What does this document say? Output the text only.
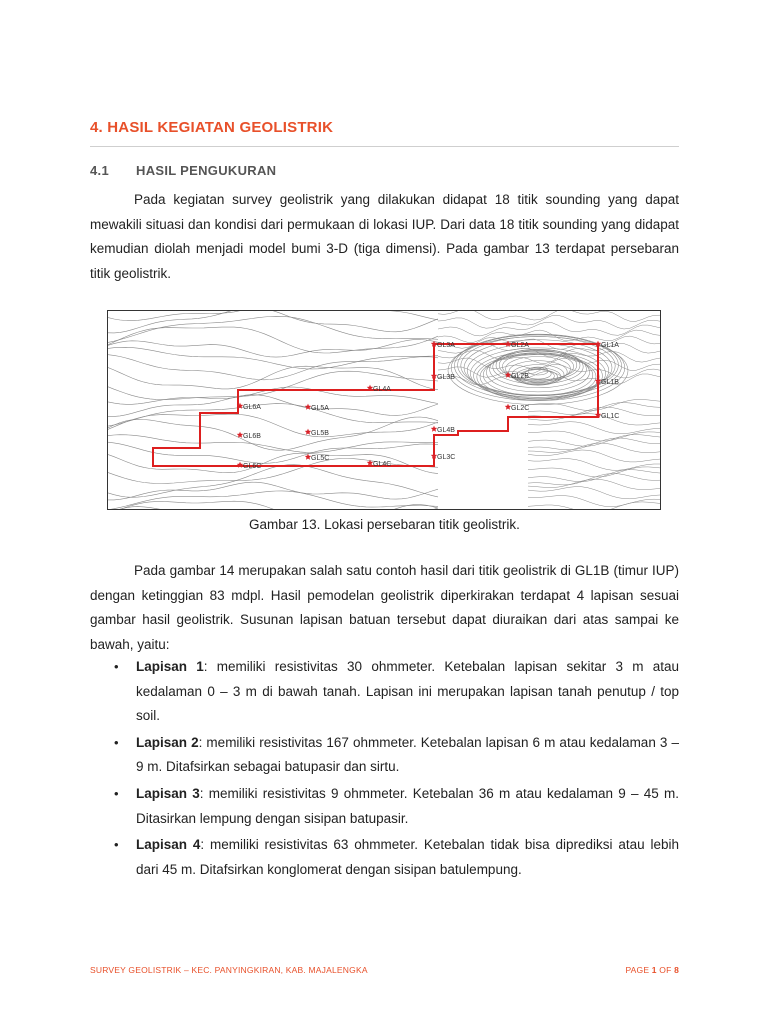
4. HASIL KEGIATAN GEOLISTRIK
4.1 HASIL PENGUKURAN

Pada kegiatan survey geolistrik yang dilakukan didapat 18 titik sounding yang dapat mewakili situasi dan kondisi dari permukaan di lokasi IUP. Dari data 18 titik sounding yang didapat kemudian diolah menjadi model bumi 3-D (tiga dimensi). Pada gambar 13 terdapat persebaran titik geolistrik.

GL1A
GL1B
GL1C
GL2A
GL2B
GL2C
GL3A
GL3B
GL3C
GL4A
GL4B
GL4C
GL5A
GL5B
GL5C
GL6A
GL6B
GL6C

Gambar 13. Lokasi persebaran titik geolistrik.

Pada gambar 14 merupakan salah satu contoh hasil dari titik geolistrik di GL1B (timur IUP) dengan ketinggian 83 mdpl. Hasil pemodelan geolistrik diperkirakan terdapat 4 lapisan sesuai gambar hasil geolistrik. Susunan lapisan batuan tersebut dapat diuraikan dari atas sampai ke bawah, yaitu:

• Lapisan 1: memiliki resistivitas 30 ohmmeter. Ketebalan lapisan sekitar 3 m atau kedalaman 0 – 3 m di bawah tanah. Lapisan ini merupakan lapisan tanah penutup / top soil.
• Lapisan 2: memiliki resistivitas 167 ohmmeter. Ketebalan lapisan 6 m atau kedalaman 3 – 9 m. Ditafsirkan sebagai batupasir dan sirtu.
• Lapisan 3: memiliki resistivitas 9 ohmmeter. Ketebalan 36 m atau kedalaman 9 – 45 m. Ditasirkan lempung dengan sisipan batupasir.
• Lapisan 4: memiliki resistivitas 63 ohmmeter. Ketebalan tidak bisa diprediksi atau lebih dari 45 m. Ditafsirkan konglomerat dengan sisipan batulempung.
SURVEY GEOLISTRIK – KEC. PANYINGKIRAN, KAB. MAJALENGKA	PAGE 1 OF 8
